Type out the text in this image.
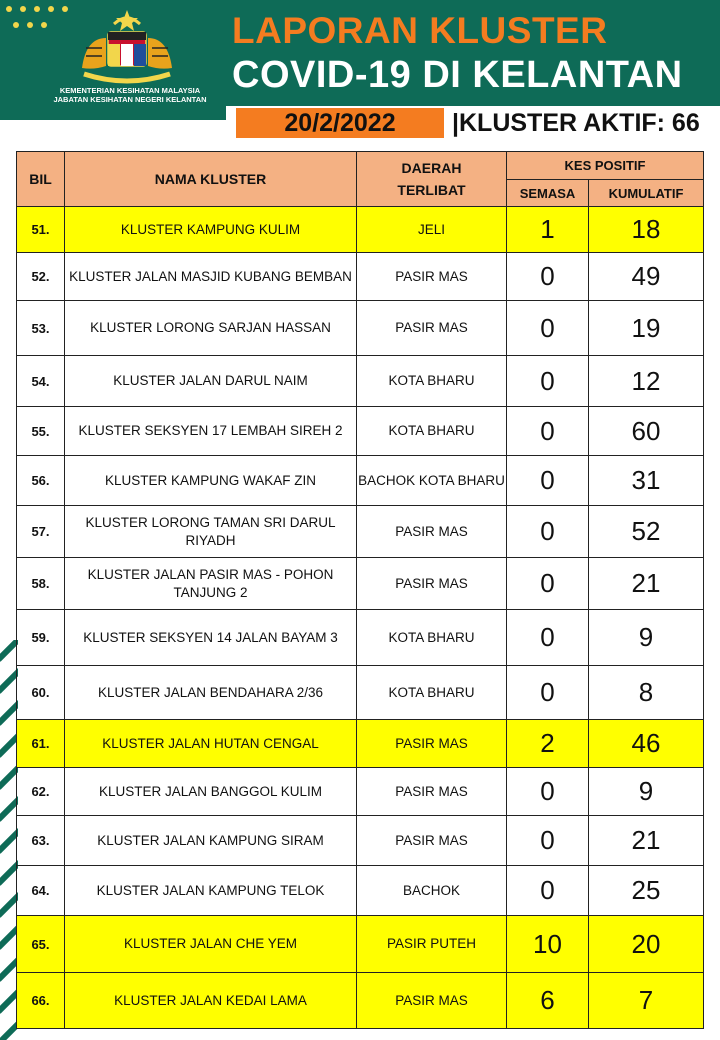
KEMENTERIAN KESIHATAN MALAYSIA
JABATAN KESIHATAN NEGERI KELANTAN
LAPORAN KLUSTER
COVID-19 DI KELANTAN
20/2/2022	|KLUSTER AKTIF: 66
BIL	NAMA KLUSTER	DAERAH TERLIBAT	KES POSITIF	
			SEMASA	KUMULATIF
51.	KLUSTER KAMPUNG KULIM	JELI	1	18
52.	KLUSTER JALAN MASJID KUBANG BEMBAN	PASIR MAS	0	49
53.	KLUSTER LORONG SARJAN HASSAN	PASIR MAS	0	19
54.	KLUSTER JALAN DARUL NAIM	KOTA BHARU	0	12
55.	KLUSTER SEKSYEN 17 LEMBAH SIREH 2	KOTA BHARU	0	60
56.	KLUSTER KAMPUNG WAKAF ZIN	BACHOK KOTA BHARU	0	31
57.	KLUSTER LORONG TAMAN SRI DARUL RIYADH	PASIR MAS	0	52
58.	KLUSTER JALAN PASIR MAS - POHON TANJUNG 2	PASIR MAS	0	21
59.	KLUSTER SEKSYEN 14 JALAN BAYAM 3	KOTA BHARU	0	9
60.	KLUSTER JALAN BENDAHARA 2/36	KOTA BHARU	0	8
61.	KLUSTER JALAN HUTAN CENGAL	PASIR MAS	2	46
62.	KLUSTER JALAN BANGGOL KULIM	PASIR MAS	0	9
63.	KLUSTER JALAN KAMPUNG SIRAM	PASIR MAS	0	21
64.	KLUSTER JALAN KAMPUNG TELOK	BACHOK	0	25
65.	KLUSTER JALAN CHE YEM	PASIR PUTEH	10	20
66.	KLUSTER JALAN KEDAI LAMA	PASIR MAS	6	7
